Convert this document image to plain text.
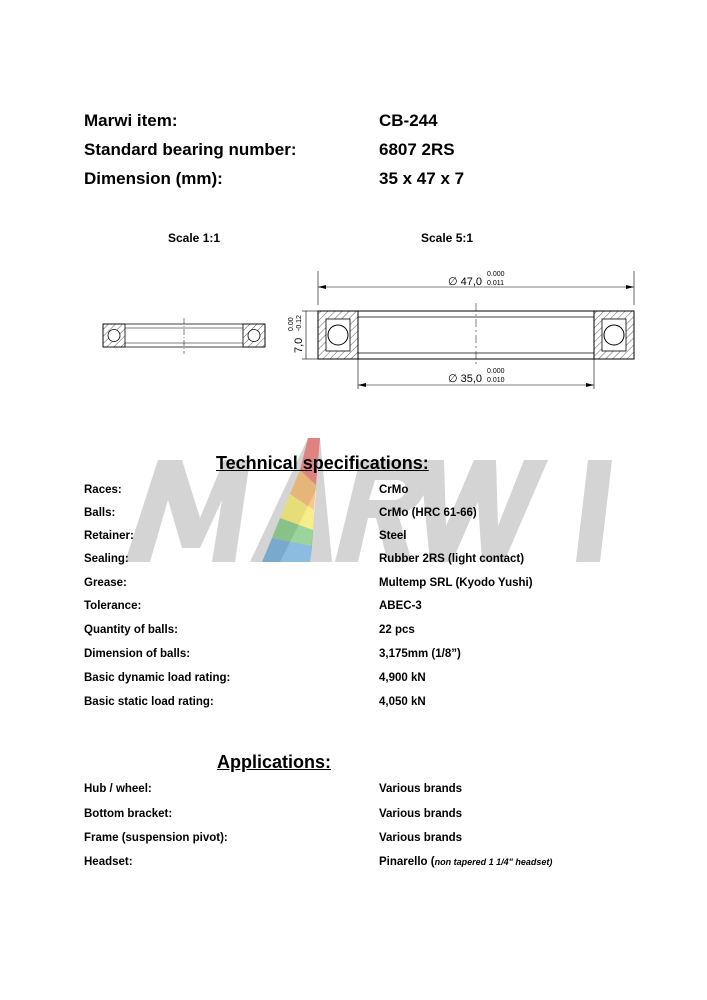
Marwi item:	CB-244
Standard bearing number:	6807 2RS
Dimension (mm):	35 x 47 x 7
Scale 1:1	Scale 5:1
∅ 47,0
0.000
0.011
7,0
0.00 -0.12
∅ 35,0
0.000
0.010
Technical specifications:
Races:	CrMo
Balls:	CrMo (HRC 61-66)
Retainer:	Steel
Sealing:	Rubber 2RS (light contact)
Grease:	Multemp SRL (Kyodo Yushi)
Tolerance:	ABEC-3
Quantity of balls:	22 pcs
Dimension of balls:	3,175mm (1/8”)
Basic dynamic load rating:	4,900 kN
Basic static load rating:	4,050 kN
Applications:
Hub / wheel:	Various brands
Bottom bracket:	Various brands
Frame (suspension pivot):	Various brands
Headset:	Pinarello (non tapered 1 1/4" headset)
